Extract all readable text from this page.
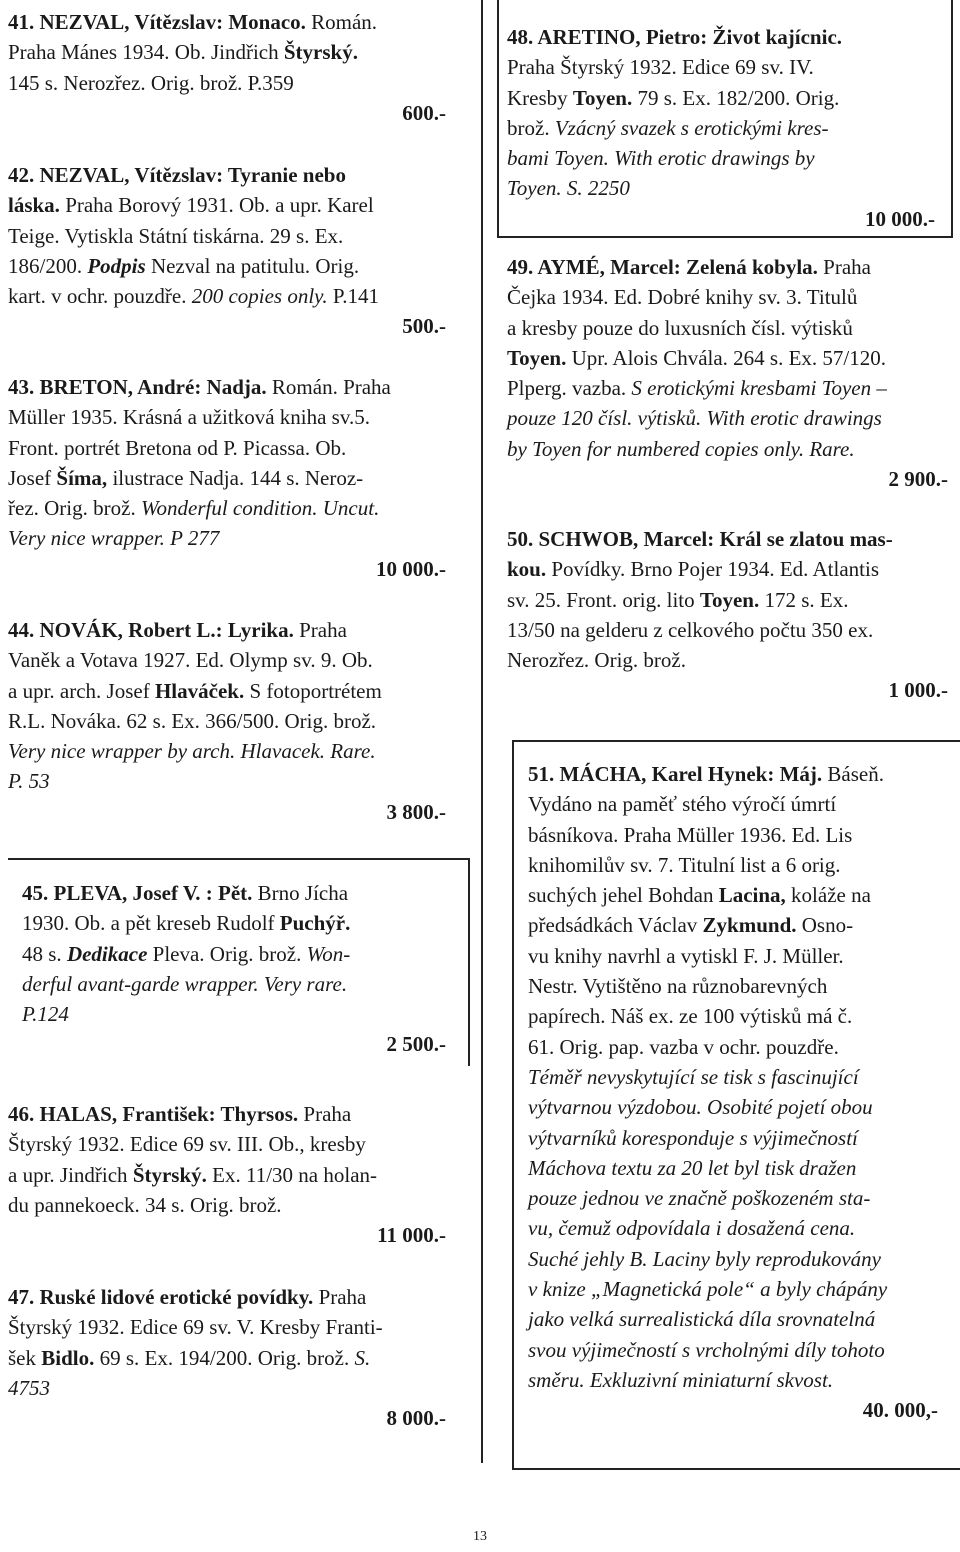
41. NEZVAL, Vítězslav: Monaco. Román.
Praha Mánes 1934. Ob. Jindřich Štyrský.
145 s. Nerozřez. Orig. brož. P.359
600.-
42. NEZVAL, Vítězslav: Tyranie nebo
láska. Praha Borový 1931. Ob. a upr. Karel
Teige. Vytiskla Státní tiskárna. 29 s. Ex.
186/200. Podpis Nezval na patitulu. Orig.
kart. v ochr. pouzdře. 200 copies only. P.141
500.-
43. BRETON, André: Nadja. Román. Praha
Müller 1935. Krásná a užitková kniha sv.5.
Front. portrét Bretona od P. Picassa. Ob.
Josef Šíma, ilustrace Nadja. 144 s. Neroz-
řez. Orig. brož. Wonderful condition. Uncut.
Very nice wrapper. P 277
10 000.-
44. NOVÁK, Robert L.: Lyrika. Praha
Vaněk a Votava 1927. Ed. Olymp sv. 9. Ob.
a upr. arch. Josef Hlaváček. S fotoportrétem
R.L. Nováka. 62 s. Ex. 366/500. Orig. brož.
Very nice wrapper by arch. Hlavacek. Rare.
P. 53
3 800.-
45. PLEVA, Josef V. : Pět. Brno Jícha
1930. Ob. a pět kreseb Rudolf Puchýř.
48 s. Dedikace Pleva. Orig. brož. Won-
derful avant-garde wrapper. Very rare.
P.124
2 500.-
46. HALAS, František: Thyrsos. Praha
Štyrský 1932. Edice 69 sv. III. Ob., kresby
a upr. Jindřich Štyrský. Ex. 11/30 na holan-
du pannekoeck. 34 s. Orig. brož.
11 000.-
47. Ruské lidové erotické povídky. Praha
Štyrský 1932. Edice 69 sv. V. Kresby Franti-
šek Bidlo. 69 s. Ex. 194/200. Orig. brož. S.
4753
8 000.-
48. ARETINO, Pietro: Život kajícnic.
Praha Štyrský 1932. Edice 69 sv. IV.
Kresby Toyen. 79 s. Ex. 182/200. Orig.
brož. Vzácný svazek s erotickými kres-
bami Toyen. With erotic drawings by
Toyen. S. 2250
10 000.-
49. AYMÉ, Marcel: Zelená kobyla. Praha
Čejka 1934. Ed. Dobré knihy sv. 3. Titulů
a kresby pouze do luxusních čísl. výtisků
Toyen. Upr. Alois Chvála. 264 s. Ex. 57/120.
Plperg. vazba. S erotickými kresbami Toyen –
pouze 120 čísl. výtisků. With erotic drawings
by Toyen for numbered copies only. Rare.
2 900.-
50. SCHWOB, Marcel: Král se zlatou mas-
kou. Povídky. Brno Pojer 1934. Ed. Atlantis
sv. 25. Front. orig. lito Toyen. 172 s. Ex.
13/50 na gelderu z celkového počtu 350 ex.
Nerozřez. Orig. brož.
1 000.-
51. MÁCHA, Karel Hynek: Máj. Báseň.
Vydáno na paměť stého výročí úmrtí
básníkova. Praha Müller 1936. Ed. Lis
knihomilův sv. 7. Titulní list a 6 orig.
suchých jehel Bohdan Lacina, koláže na
předsádkách Václav Zykmund. Osno-
vu knihy navrhl a vytiskl F. J. Müller.
Nestr. Vytištěno na různobarevných
papírech. Náš ex. ze 100 výtisků má č.
61. Orig. pap. vazba v ochr. pouzdře.
Téměř nevyskytující se tisk s fascinující
výtvarnou výzdobou. Osobité pojetí obou
výtvarníků koresponduje s výjimečností
Máchova textu za 20 let byl tisk dražen
pouze jednou ve značně poškozeném sta-
vu, čemuž odpovídala i dosažená cena.
Suché jehly B. Laciny byly reprodukovány
v knize „Magnetická pole“ a byly chápány
jako velká surrealistická díla srovnatelná
svou výjimečností s vrcholnými díly tohoto
směru. Exkluzivní miniaturní skvost.
40. 000,-
13
